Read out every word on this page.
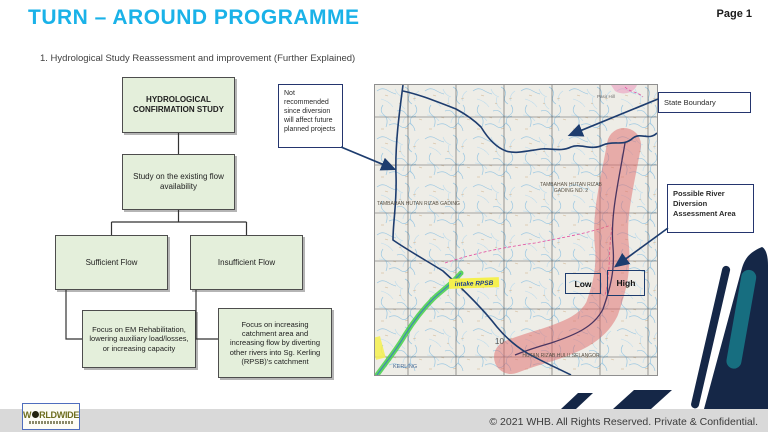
TURN – AROUND PROGRAMME	Page 1
1. Hydrological Study Reassessment and improvement (Further Explained)
HYDROLOGICAL CONFIRMATION STUDY
Study on the existing flow availability
Sufficient Flow	Insufficient Flow
Focus on EM Rehabilitation, lowering auxiliary load/losses, or increasing capacity
Focus on increasing catchment area and increasing flow by diverting other rivers into Sg. Kerling (RPSB)'s catchment
intake RPSB
TAMBAHAN HUTAN RIZAB
GADING NO. 2
TAMBAHAN HUTAN RIZAB GADING
HUTAN RIZAB HULU SELANGOR
KERLING
Pasir Hill
10
Low	High
Not recommended since diversion will affect future planned projects
State Boundary
Possible River Diversion Assessment Area
© 2021 WHB. All Rights Reserved. Private & Confidential.
W RLDWIDE
